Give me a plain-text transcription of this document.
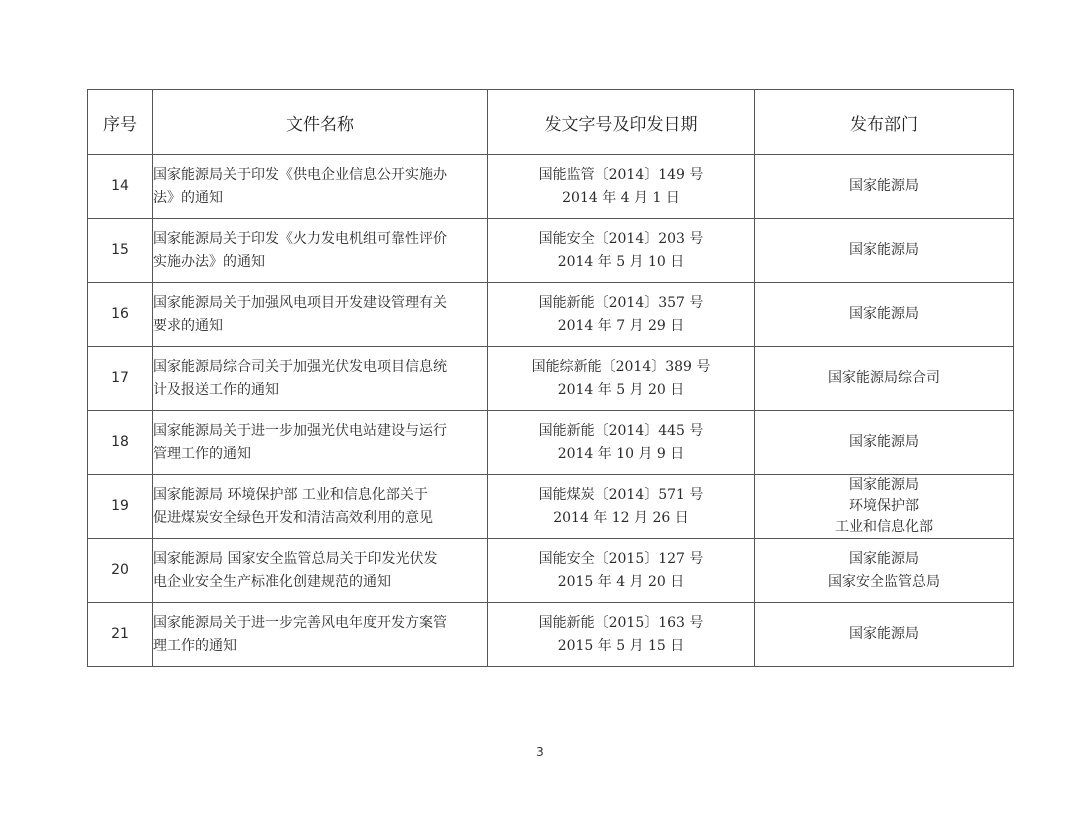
序号	文件名称	发文字号及印发日期	发布部门
14	国家能源局关于印发《供电企业信息公开实施办
法》的通知	国能监管〔2014〕149 号
2014 年 4 月 1 日	国家能源局

15	国家能源局关于印发《火力发电机组可靠性评价
实施办法》的通知	国能安全〔2014〕203 号
2014 年 5 月 10 日	国家能源局

16	国家能源局关于加强风电项目开发建设管理有关
要求的通知	国能新能〔2014〕357 号
2014 年 7 月 29 日	国家能源局

17	国家能源局综合司关于加强光伏发电项目信息统
计及报送工作的通知	国能综新能〔2014〕389 号
2014 年 5 月 20 日	国家能源局综合司

18	国家能源局关于进一步加强光伏电站建设与运行
管理工作的通知	国能新能〔2014〕445 号
2014 年 10 月 9 日	国家能源局

19	国家能源局 环境保护部 工业和信息化部关于
促进煤炭安全绿色开发和清洁高效利用的意见	国能煤炭〔2014〕571 号
2014 年 12 月 26 日	国家能源局
环境保护部
工业和信息化部

20	国家能源局 国家安全监管总局关于印发光伏发
电企业安全生产标准化创建规范的通知	国能安全〔2015〕127 号
2015 年 4 月 20 日	国家能源局
国家安全监管总局

21	国家能源局关于进一步完善风电年度开发方案管
理工作的通知	国能新能〔2015〕163 号
2015 年 5 月 15 日	国家能源局
3
